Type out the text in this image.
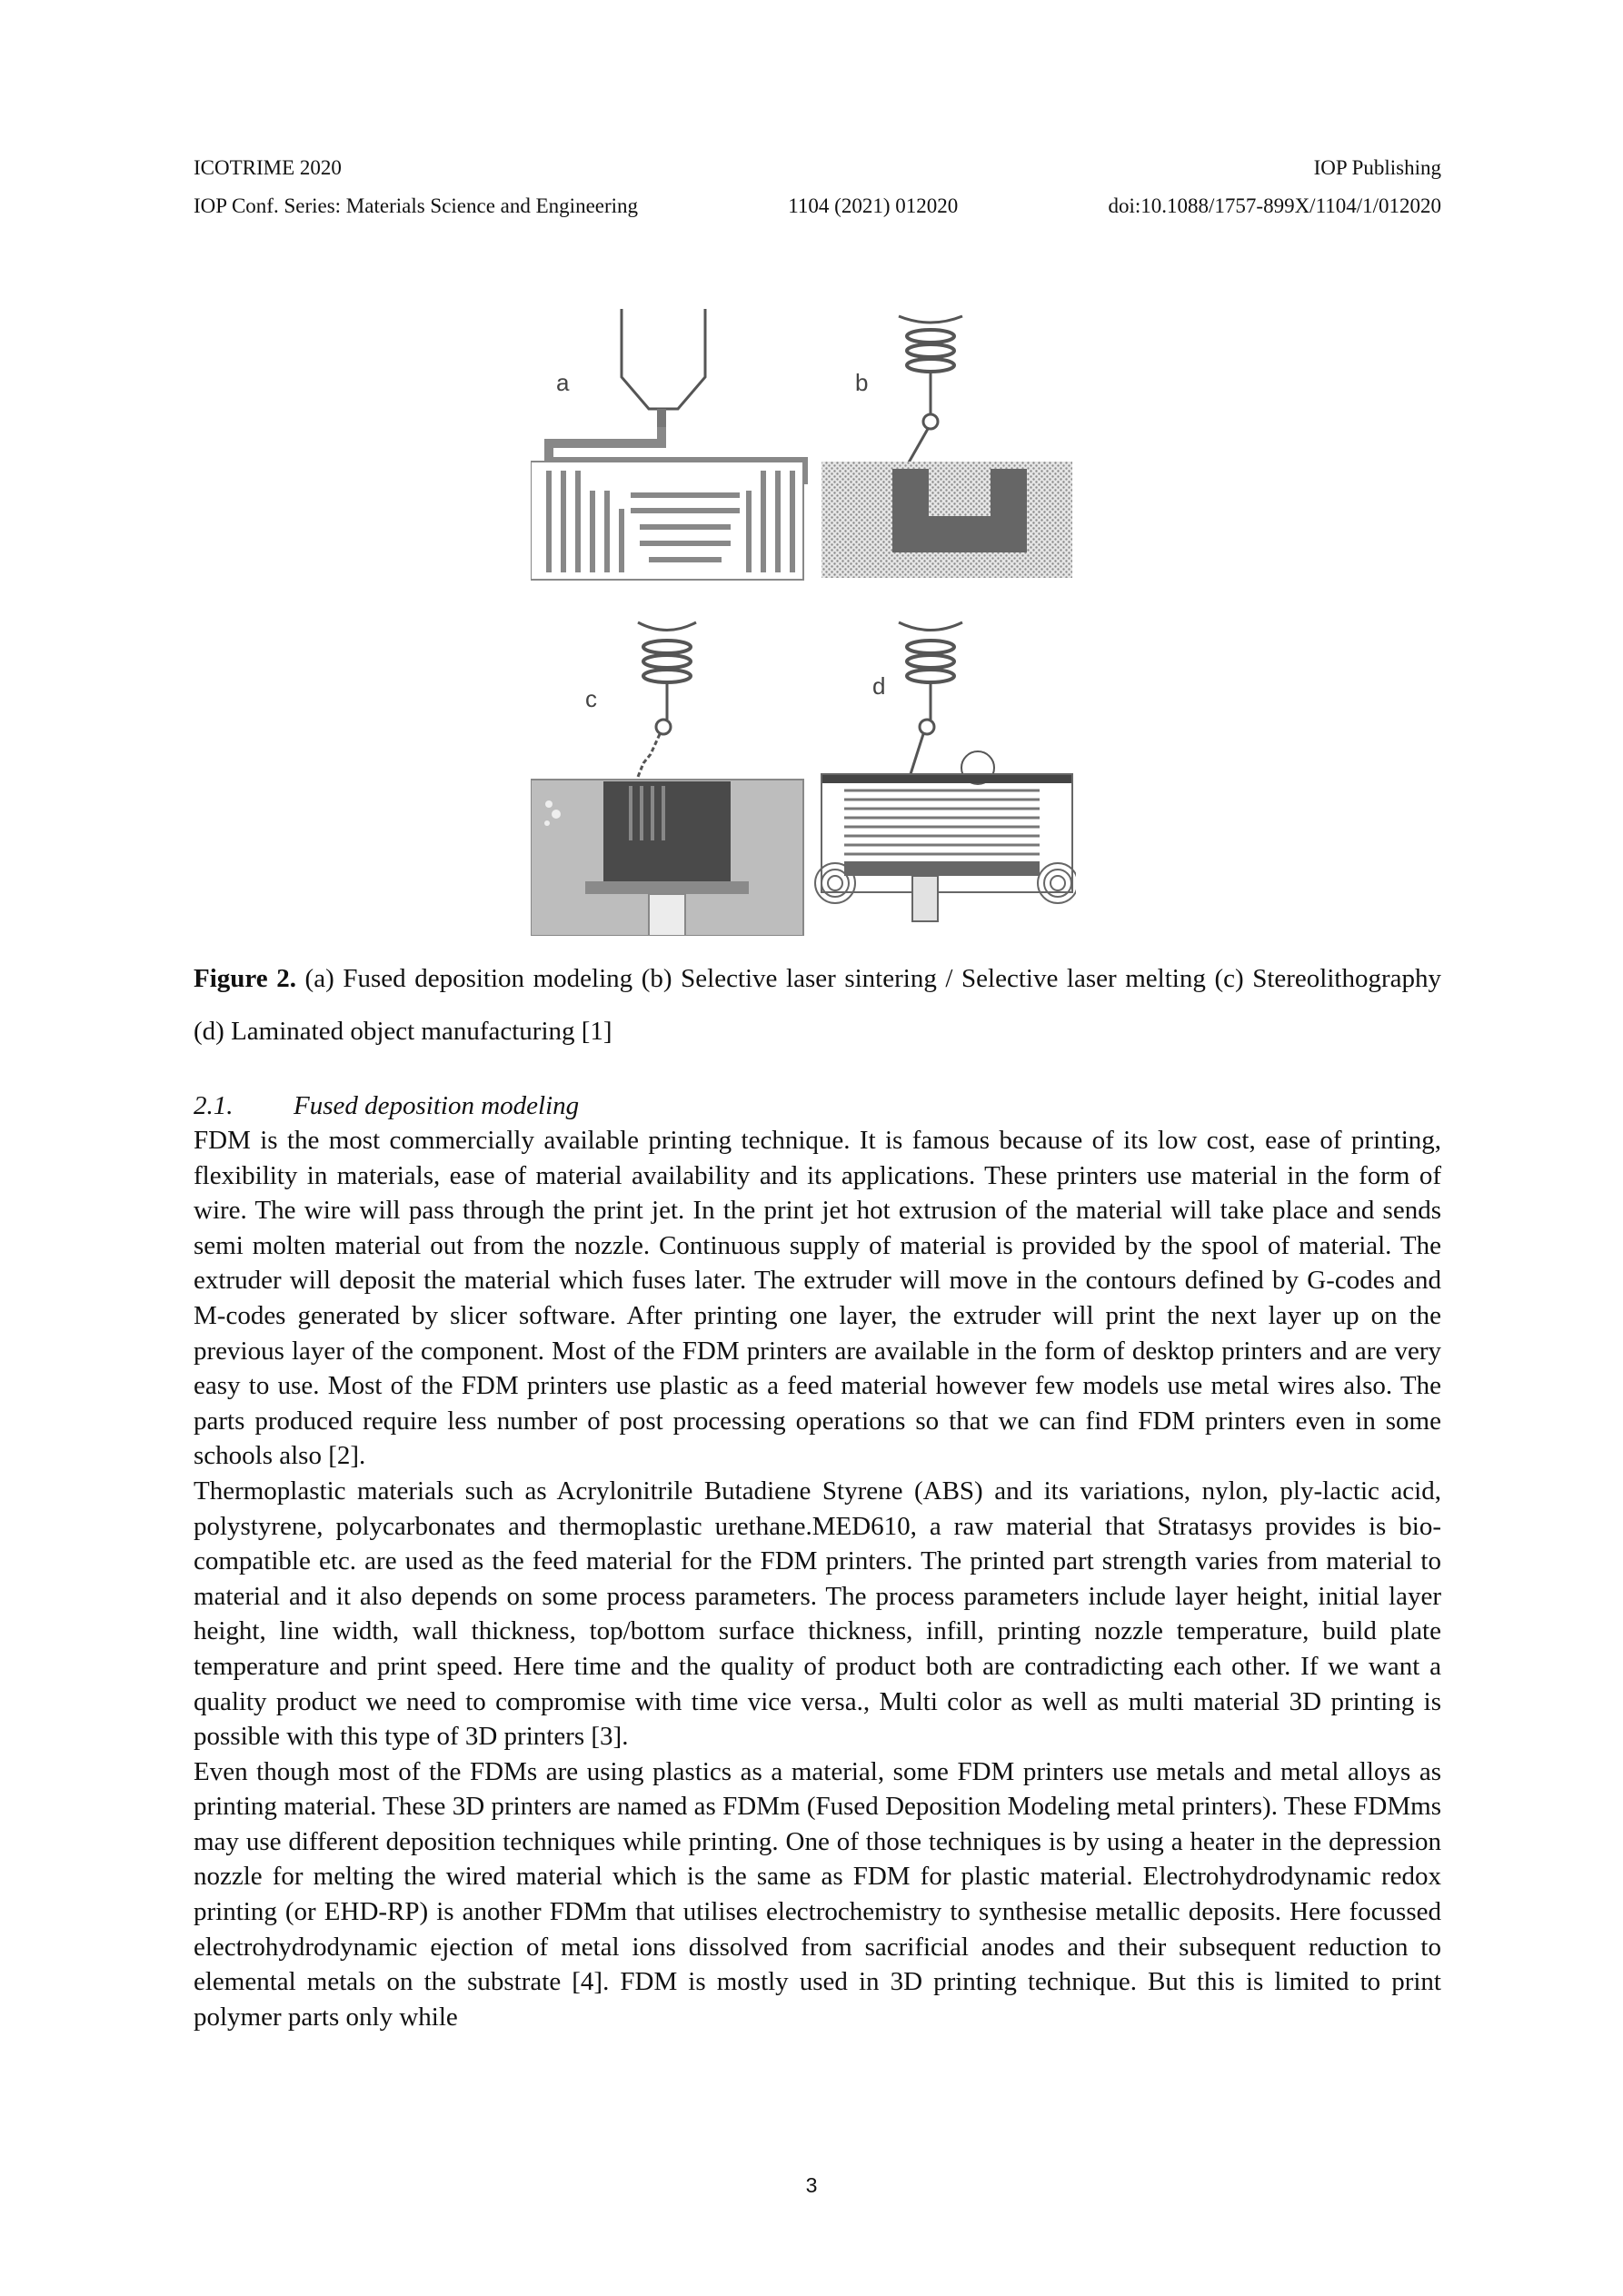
ICOTRIME 2020	IOP Publishing
IOP Conf. Series: Materials Science and Engineering	1104 (2021) 012020	doi:10.1088/1757-899X/1104/1/012020
a	b
c	d
Figure 2. (a) Fused deposition modeling (b) Selective laser sintering / Selective laser melting (c) Stereolithography (d) Laminated object manufacturing [1]
2.1. Fused deposition modeling

FDM is the most commercially available printing technique. It is famous because of its low cost, ease of printing, flexibility in materials, ease of material availability and its applications. These printers use material in the form of wire. The wire will pass through the print jet. In the print jet hot extrusion of the material will take place and sends semi molten material out from the nozzle. Continuous supply of material is provided by the spool of material. The extruder will deposit the material which fuses later. The extruder will move in the contours defined by G-codes and M-codes generated by slicer software. After printing one layer, the extruder will print the next layer up on the previous layer of the component. Most of the FDM printers are available in the form of desktop printers and are very easy to use. Most of the FDM printers use plastic as a feed material however few models use metal wires also. The parts produced require less number of post processing operations so that we can find FDM printers even in some schools also [2].

Thermoplastic materials such as Acrylonitrile Butadiene Styrene (ABS) and its variations, nylon, ply-lactic acid, polystyrene, polycarbonates and thermoplastic urethane.MED610, a raw material that Stratasys provides is bio-compatible etc. are used as the feed material for the FDM printers. The printed part strength varies from material to material and it also depends on some process parameters. The process parameters include layer height, initial layer height, line width, wall thickness, top/bottom surface thickness, infill, printing nozzle temperature, build plate temperature and print speed. Here time and the quality of product both are contradicting each other. If we want a quality product we need to compromise with time vice versa., Multi color as well as multi material 3D printing is possible with this type of 3D printers [3].

Even though most of the FDMs are using plastics as a material, some FDM printers use metals and metal alloys as printing material. These 3D printers are named as FDMm (Fused Deposition Modeling metal printers). These FDMms may use different deposition techniques while printing. One of those techniques is by using a heater in the depression nozzle for melting the wired material which is the same as FDM for plastic material. Electrohydrodynamic redox printing (or EHD-RP) is another FDMm that utilises electrochemistry to synthesise metallic deposits. Here focussed electrohydrodynamic ejection of metal ions dissolved from sacrificial anodes and their subsequent reduction to elemental metals on the substrate [4]. FDM is mostly used in 3D printing technique. But this is limited to print polymer parts only while

3
